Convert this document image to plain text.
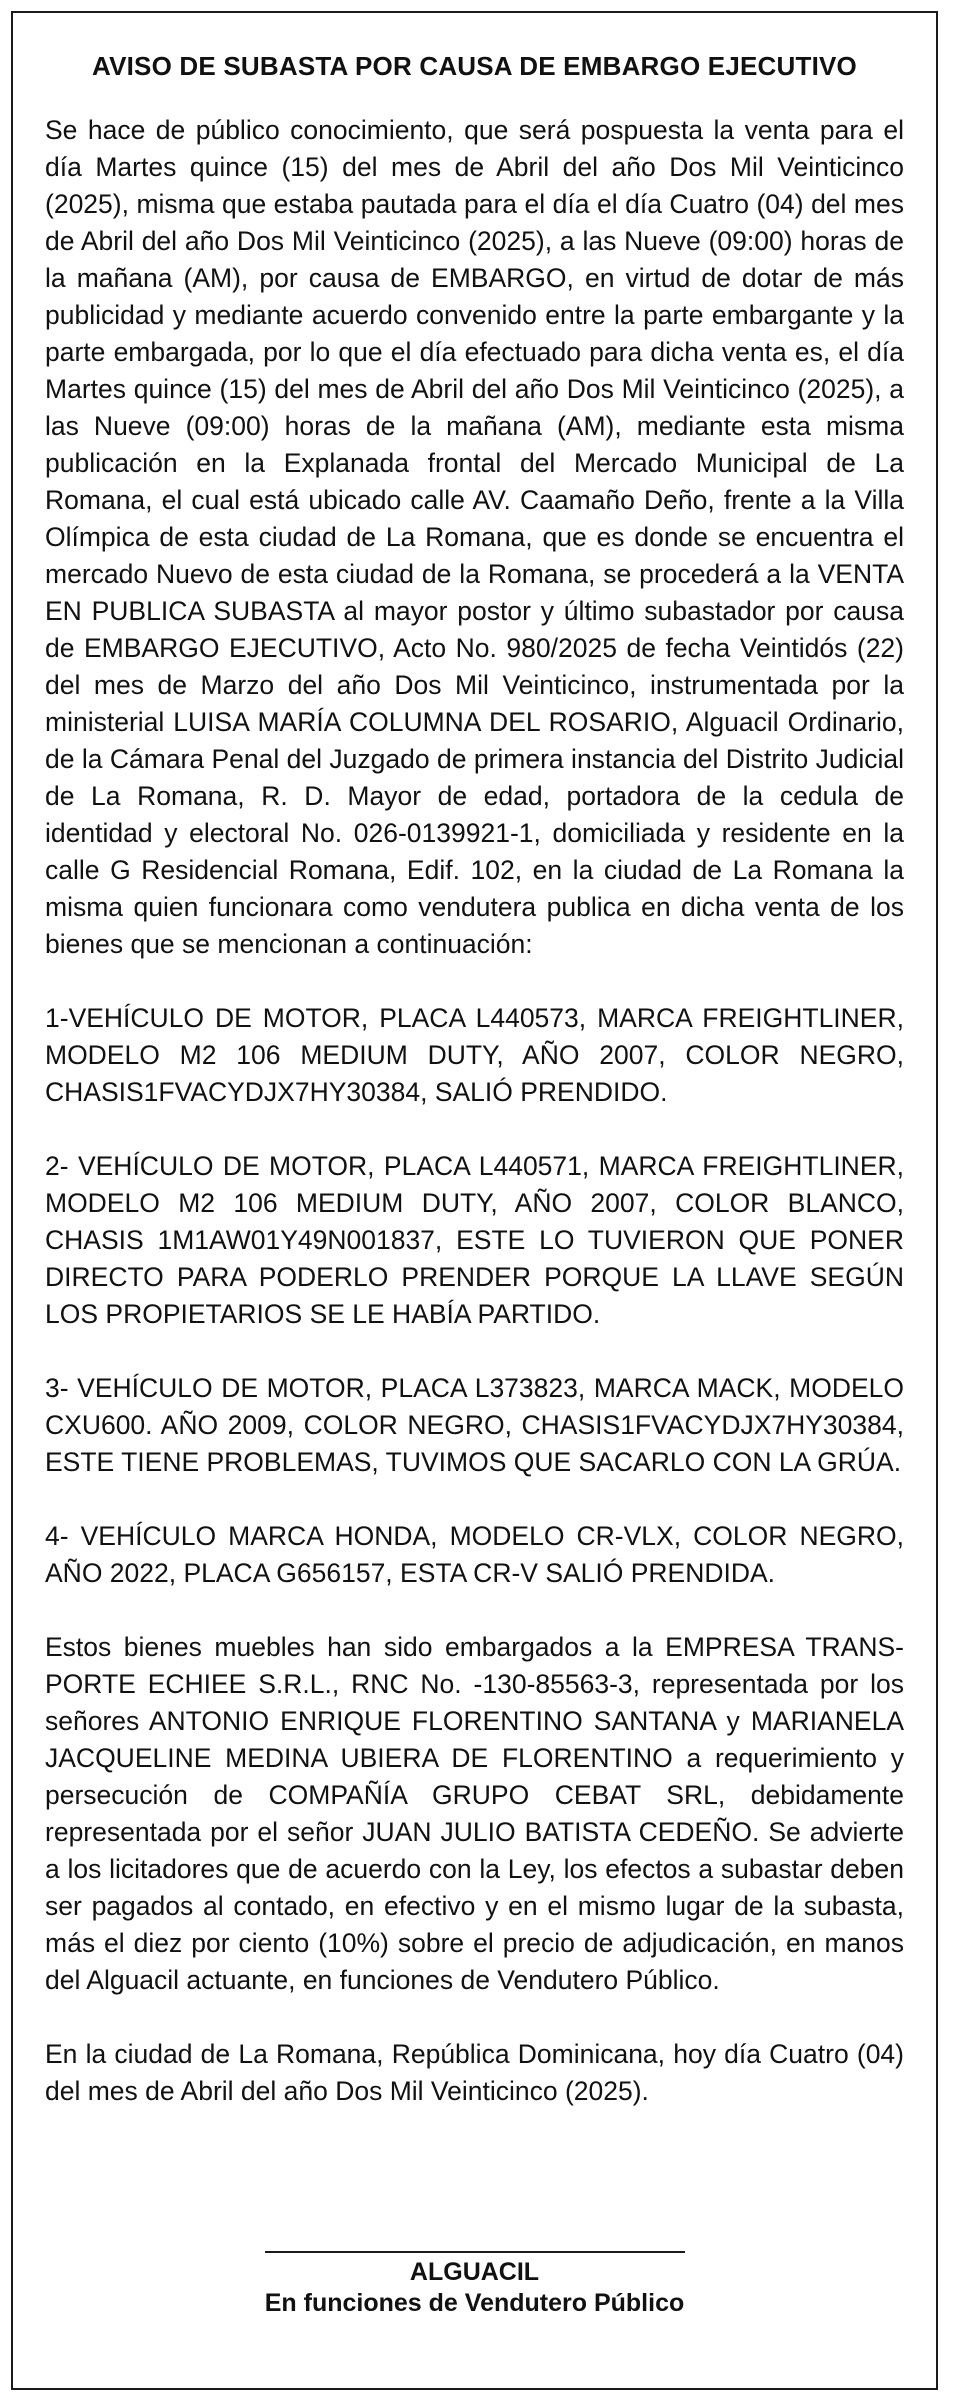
AVISO DE SUBASTA POR CAUSA DE EMBARGO EJECUTIVO

Se hace de público conocimiento, que será pospuesta la venta para el día Martes quince (15) del mes de Abril del año Dos Mil Veinticinco (2025), misma que estaba pautada para el día el día Cuatro (04) del mes de Abril del año Dos Mil Veinticinco (2025), a las Nueve (09:00) horas de la mañana (AM), por causa de EMBARGO, en virtud de dotar de más publicidad y mediante acuerdo convenido entre la parte embargante y la parte embargada, por lo que el día efectuado para dicha venta es, el día Martes quince (15) del mes de Abril del año Dos Mil Veinticinco (2025), a las Nueve (09:00) horas de la mañana (AM), mediante esta misma publicación en la Explanada frontal del Mercado Municipal de La Romana, el cual está ubicado calle AV. Caamaño Deño, frente a la Villa Olímpica de esta ciudad de La Romana, que es donde se encuentra el mercado Nuevo de esta ciudad de la Romana, se procederá a la VENTA EN PUBLICA SUBASTA al mayor postor y último subastador por causa de EMBARGO EJECUTIVO, Acto No. 980/2025 de fecha Veintidós (22) del mes de Marzo del año Dos Mil Veinticinco, instrumentada por la ministerial LUISA MARÍA COLUMNA DEL ROSARIO, Alguacil Ordinario, de la Cámara Penal del Juzgado de primera instancia del Distrito Judicial de La Romana, R. D. Mayor de edad, portadora de la cedula de identidad y electoral No. 026-0139921-1, domiciliada y residente en la calle G Residencial Romana, Edif. 102, en la ciudad de La Romana la misma quien funcionara como vendutera publica en dicha venta de los bienes que se mencionan a continuación:

1-VEHÍCULO DE MOTOR, PLACA L440573, MARCA FREIGHTLINER, MODELO M2 106 MEDIUM DUTY, AÑO 2007, COLOR NEGRO, CHASIS1FVACYDJX7HY30384, SALIÓ PRENDIDO.

2- VEHÍCULO DE MOTOR, PLACA L440571, MARCA FREIGHTLINER, MODELO M2 106 MEDIUM DUTY, AÑO 2007, COLOR BLANCO, CHASIS 1M1AW01Y49N001837, ESTE LO TUVIERON QUE PONER DIRECTO PARA PODERLO PRENDER PORQUE LA LLAVE SEGÚN LOS PROPIETARIOS SE LE HABÍA PARTIDO.

3- VEHÍCULO DE MOTOR, PLACA L373823, MARCA MACK, MODELO CXU600. AÑO 2009, COLOR NEGRO, CHASIS1FVACYDJX7HY30384, ESTE TIENE PROBLEMAS, TUVIMOS QUE SACARLO CON LA GRÚA.

4- VEHÍCULO MARCA HONDA, MODELO CR-VLX, COLOR NEGRO, AÑO 2022, PLACA G656157, ESTA CR-V SALIÓ PRENDIDA.

Estos bienes muebles han sido embargados a la EMPRESA TRANSPORTE ECHIEE S.R.L., RNC No. -130-85563-3, representada por los señores ANTONIO ENRIQUE FLORENTINO SANTANA y MARIANELA JACQUELINE MEDINA UBIERA DE FLORENTINO a requerimiento y persecución de COMPAÑÍA GRUPO CEBAT SRL, debidamente representada por el señor JUAN JULIO BATISTA CEDEÑO. Se advierte a los licitadores que de acuerdo con la Ley, los efectos a subastar deben ser pagados al contado, en efectivo y en el mismo lugar de la subasta, más el diez por ciento (10%) sobre el precio de adjudicación, en manos del Alguacil actuante, en funciones de Vendutero Público.

En la ciudad de La Romana, República Dominicana, hoy día Cuatro (04) del mes de Abril del año Dos Mil Veinticinco (2025).

ALGUACIL
En funciones de Vendutero Público
